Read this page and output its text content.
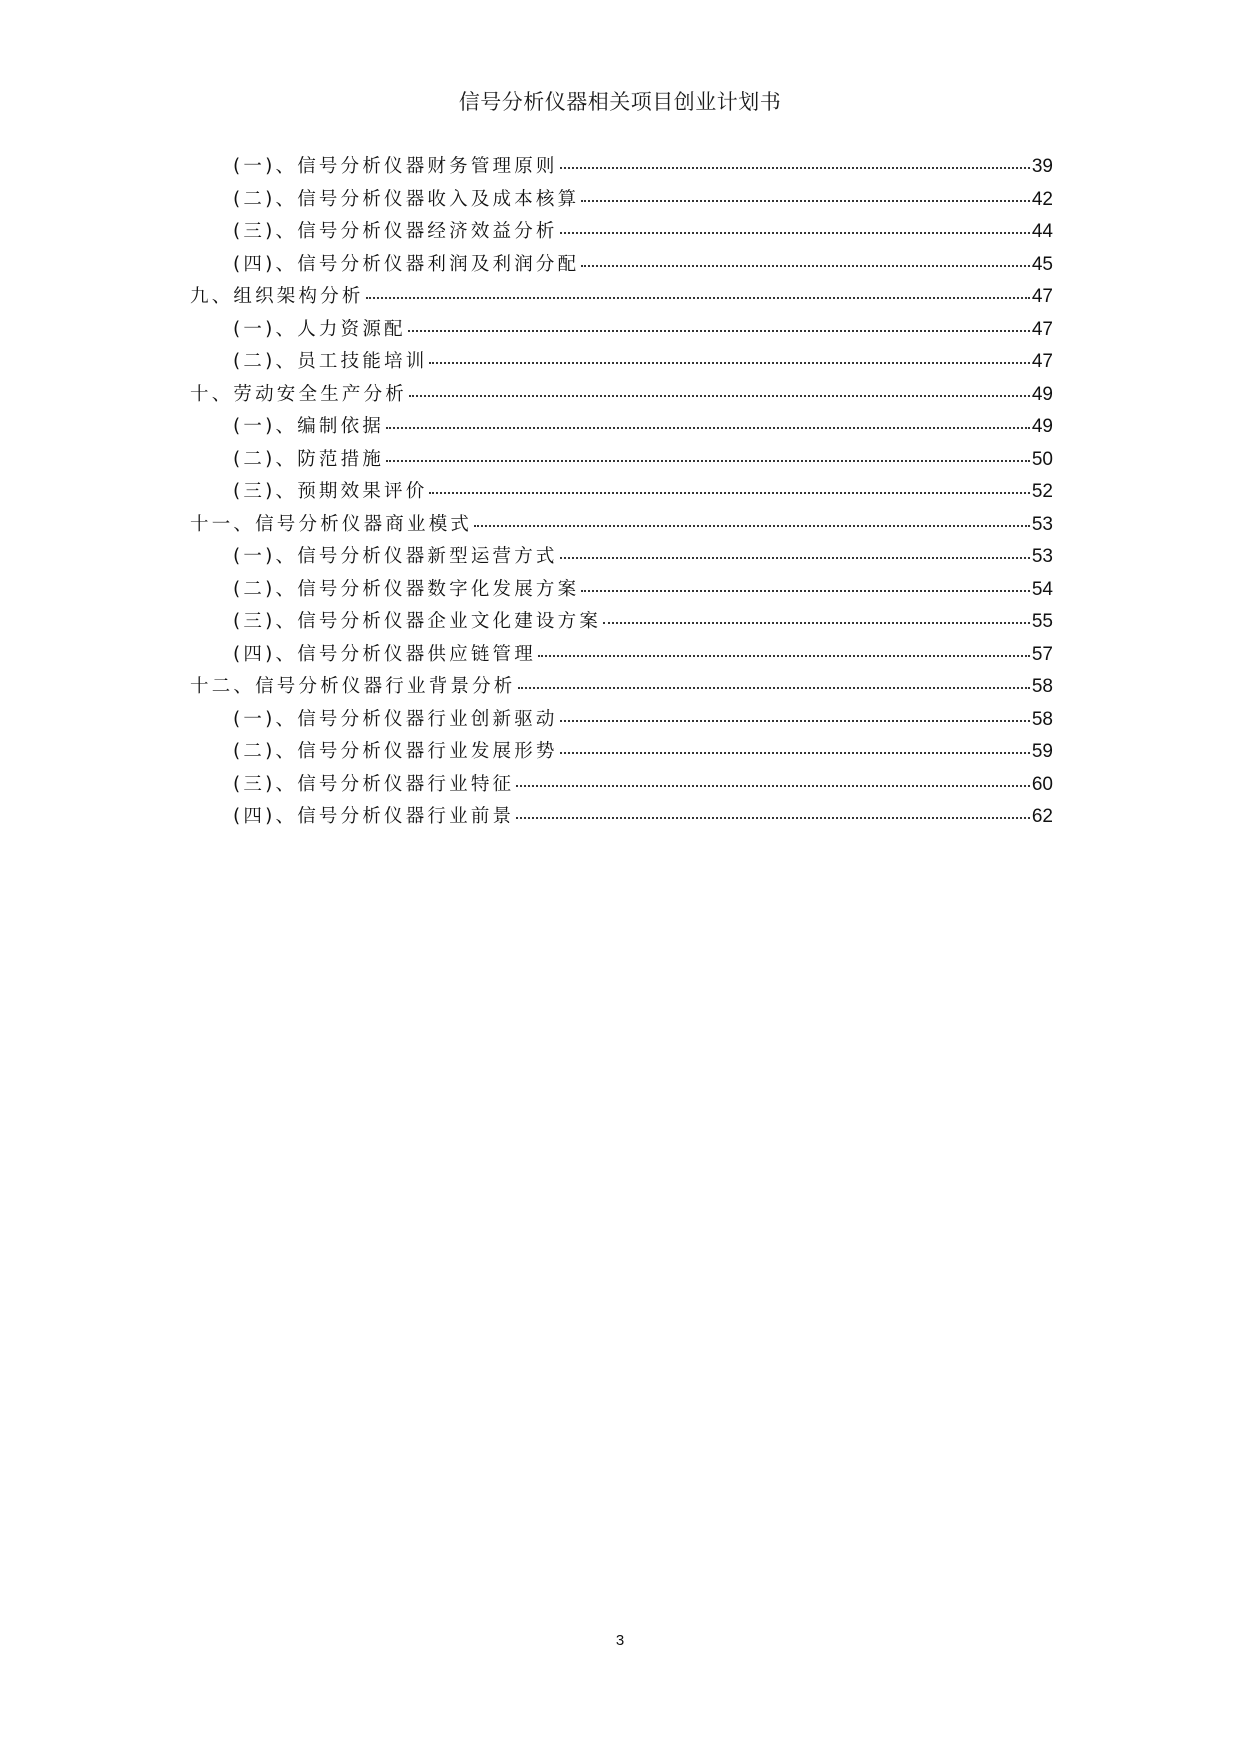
信号分析仪器相关项目创业计划书
(一)、信号分析仪器财务管理原则	39
(二)、信号分析仪器收入及成本核算	42
(三)、信号分析仪器经济效益分析	44
(四)、信号分析仪器利润及利润分配	45
九、组织架构分析	47
(一)、人力资源配	47
(二)、员工技能培训	47
十、劳动安全生产分析	49
(一)、编制依据	49
(二)、防范措施	50
(三)、预期效果评价	52
十一、信号分析仪器商业模式	53
(一)、信号分析仪器新型运营方式	53
(二)、信号分析仪器数字化发展方案	54
(三)、信号分析仪器企业文化建设方案	55
(四)、信号分析仪器供应链管理	57
十二、信号分析仪器行业背景分析	58
(一)、信号分析仪器行业创新驱动	58
(二)、信号分析仪器行业发展形势	59
(三)、信号分析仪器行业特征	60
(四)、信号分析仪器行业前景	62
3
